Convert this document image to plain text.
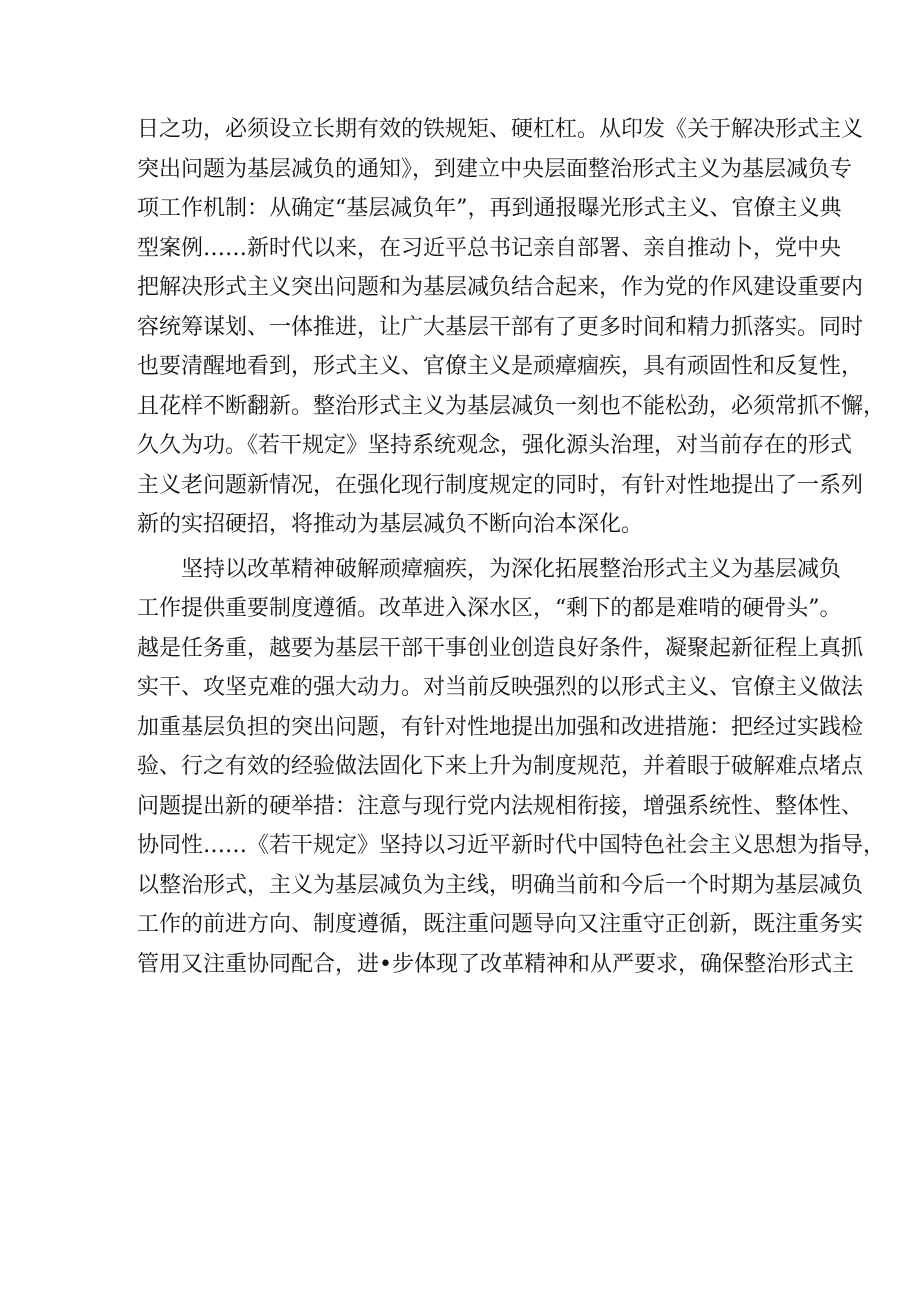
日之功，必须设立长期有效的铁规矩、硬杠杠。从印发《关于解决形式主义
突出问题为基层减负的通知》，到建立中央层面整治形式主义为基层减负专
项工作机制：从确定“基层减负年”，再到通报曝光形式主义、官僚主义典
型案例……新时代以来，在习近平总书记亲自部署、亲自推动卜，党中央
把解决形式主义突出问题和为基层减负结合起来，作为党的作风建设重要内
容统筹谋划、一体推进，让广大基层干部有了更多时间和精力抓落实。同时
也要清醒地看到，形式主义、官僚主义是顽瘴痼疾，具有顽固性和反复性，
且花样不断翻新。整治形式主义为基层减负一刻也不能松劲，必须常抓不懈，
久久为功。《若干规定》坚持系统观念，强化源头治理，对当前存在的形式
主义老问题新情况，在强化现行制度规定的同时，有针对性地提出了一系列
新的实招硬招，将推动为基层减负不断向治本深化。
坚持以改革精神破解顽瘴痼疾，为深化拓展整治形式主义为基层减负
工作提供重要制度遵循。改革进入深水区，“剩下的都是难啃的硬骨头”。
越是任务重，越要为基层干部干事创业创造良好条件，凝聚起新征程上真抓
实干、攻坚克难的强大动力。对当前反映强烈的以形式主义、官僚主义做法
加重基层负担的突出问题，有针对性地提出加强和改进措施：把经过实践检
验、行之有效的经验做法固化下来上升为制度规范，并着眼于破解难点堵点
问题提出新的硬举措：注意与现行党内法规相衔接，增强系统性、整体性、
协同性……《若干规定》坚持以习近平新时代中国特色社会主义思想为指导，
以整治形式，主义为基层减负为主线，明确当前和今后一个时期为基层减负
工作的前进方向、制度遵循，既注重问题导向又注重守正创新，既注重务实
管用又注重协同配合，进•步体现了改革精神和从严要求，确保整治形式主
